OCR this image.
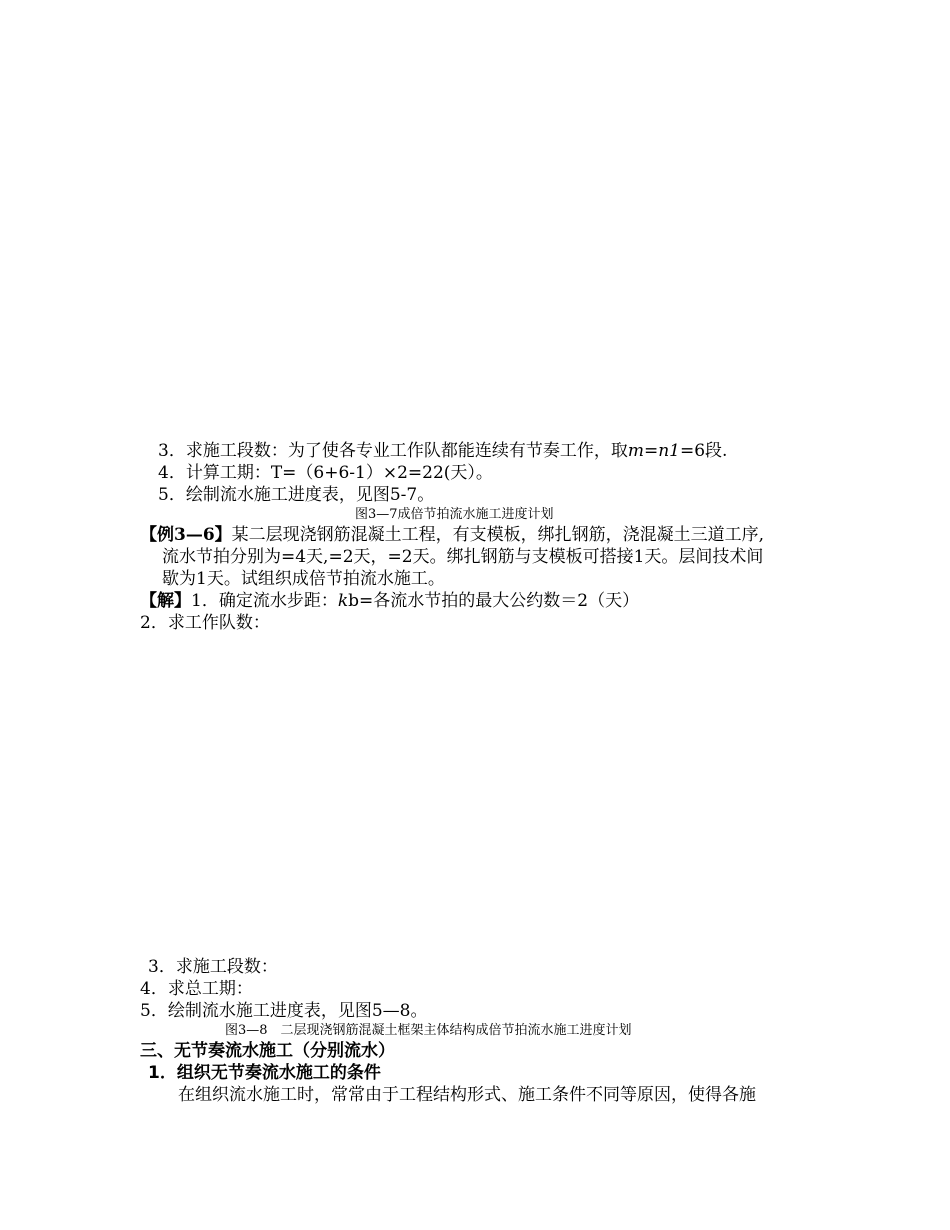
3．求施工段数：为了使各专业工作队都能连续有节奏工作，取m=n1=6段.
4．计算工期：T=（6+6-1）×2=22(天）。
5．绘制流水施工进度表，见图5-7。
图3—7成倍节拍流水施工进度计划
【例3—6】某二层现浇钢筋混凝土工程，有支模板，绑扎钢筋，浇混凝土三道工序,
流水节拍分别为=4天,=2天，=2天。绑扎钢筋与支模板可搭接1天。层间技术间
歇为1天。试组织成倍节拍流水施工。
【解】1．确定流水步距：kb=各流水节拍的最大公约数＝2（天）
2．求工作队数：
3．求施工段数：
4．求总工期：
5．绘制流水施工进度表，见图5—8。
图3—8　二层现浇钢筋混凝土框架主体结构成倍节拍流水施工进度计划
三、无节奏流水施工（分别流水）
1．组织无节奏流水施工的条件
在组织流水施工时，常常由于工程结构形式、施工条件不同等原因，使得各施
